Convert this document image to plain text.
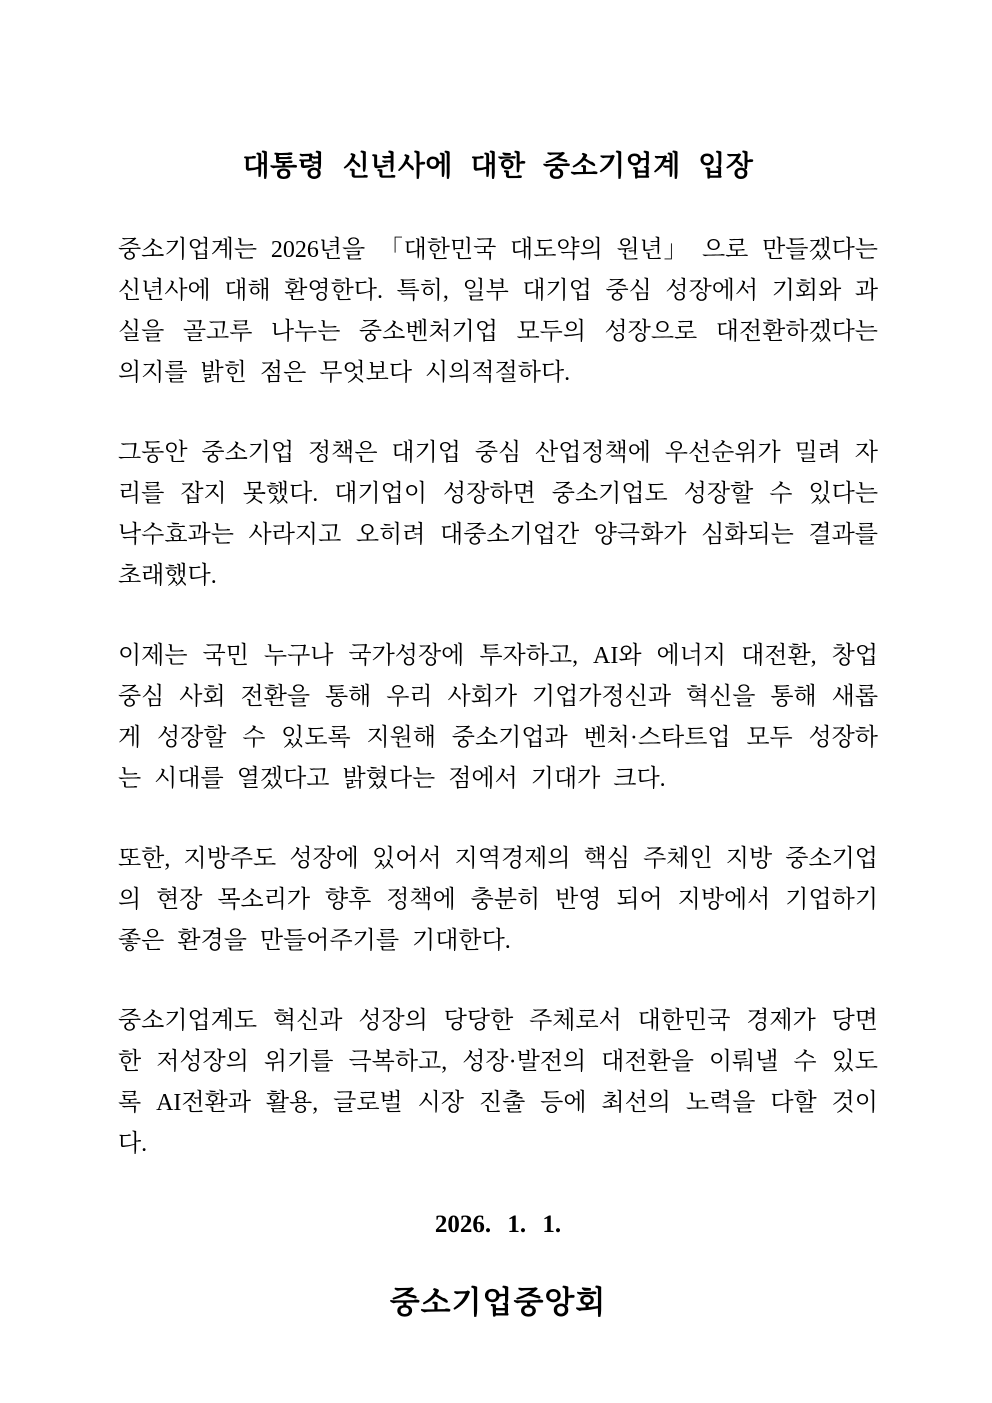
대통령 신년사에 대한 중소기업계 입장

중소기업계는 2026년을 「대한민국 대도약의 원년」 으로 만들겠다는 신년사에 대해 환영한다. 특히, 일부 대기업 중심 성장에서 기회와 과실을 골고루 나누는 중소벤처기업 모두의 성장으로 대전환하겠다는 의지를 밝힌 점은 무엇보다 시의적절하다.

그동안 중소기업 정책은 대기업 중심 산업정책에 우선순위가 밀려 자리를 잡지 못했다. 대기업이 성장하면 중소기업도 성장할 수 있다는 낙수효과는 사라지고 오히려 대중소기업간 양극화가 심화되는 결과를 초래했다.

이제는 국민 누구나 국가성장에 투자하고, AI와 에너지 대전환, 창업 중심 사회 전환을 통해 우리 사회가 기업가정신과 혁신을 통해 새롭게 성장할 수 있도록 지원해 중소기업과 벤처·스타트업 모두 성장하는 시대를 열겠다고 밝혔다는 점에서 기대가 크다.

또한, 지방주도 성장에 있어서 지역경제의 핵심 주체인 지방 중소기업의 현장 목소리가 향후 정책에 충분히 반영 되어 지방에서 기업하기 좋은 환경을 만들어주기를 기대한다.

중소기업계도 혁신과 성장의 당당한 주체로서 대한민국 경제가 당면한 저성장의 위기를 극복하고, 성장·발전의 대전환을 이뤄낼 수 있도록 AI전환과 활용, 글로벌 시장 진출 등에 최선의 노력을 다할 것이다.

2026. 1. 1.

중소기업중앙회
